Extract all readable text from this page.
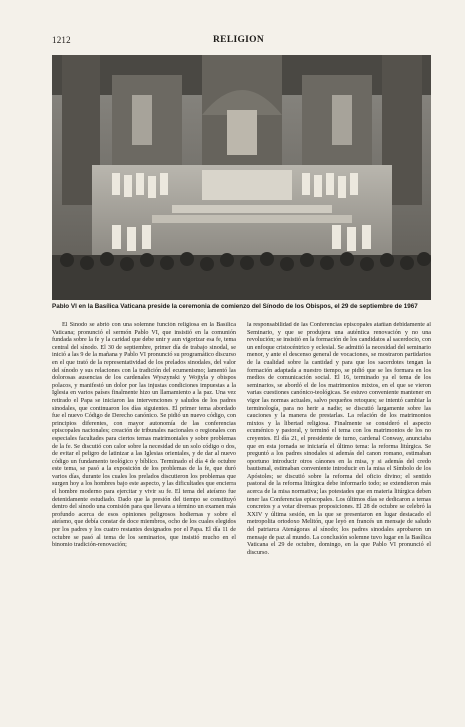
1212	RELIGION
Pablo VI en la Basílica Vaticana preside la ceremonia de comienzo del Sínodo de los Obispos, el 29 de septiembre de 1967

El Sínodo se abrió con una solemne función religiosa en la Basílica Vaticana; pronunció el sermón Pablo VI, que insistió en la comunión fundada sobre la fe y la caridad que debe unir y aun vigorizar esa fe, tema central del sínodo. El 30 de septiembre, primer día de trabajo sinodal, se inició a las 9 de la mañana y Pablo VI pronunció su programático discurso en el que trató de la representatividad de los prelados sinodales, del valor del sínodo y sus relaciones con la tradición del ecumenismo; lamentó las dolorosas ausencias de los cardenales Wyszynski y Wojtyla y obispos polacos, y manifestó un dolor por las injustas condiciones impuestas a la Iglesia en varios países finalmente hizo un llamamiento a la paz. Una vez retirado el Papa se iniciaron las intervenciones y saludos de los padres sinodales, que continuaron los días siguientes. El primer tema abordado fue el nuevo Código de Derecho canónico. Se pidió un nuevo código, con principios diferentes, con mayor autonomía de las conferencias episcopales nacionales; creación de tribunales nacionales o regionales con especiales facultades para ciertos temas matrimoniales y sobre problemas de la fe. Se discutió con calor sobre la necesidad de un solo código o dos, de evitar el peligro de latinizar a las Iglesias orientales, y de dar al nuevo código un fundamento teológico y bíblico. Terminado el día 4 de octubre este tema, se pasó a la exposición de los problemas de la fe, que duró varios días, durante los cuales los prelados discutieron los problemas que surgen hoy a los hombres bajo este aspecto, y las dificultades que encierra el hombre moderno para ejercitar y vivir su fe. El tema del ateísmo fue detenidamente estudiado. Dado que la presión del tiempo se constituyó dentro del sínodo una comisión para que llevara a término un examen más profundo acerca de esos opiniones peligrosos hodiernas y sobre el ateísmo, que debía constar de doce miembros, ocho de los cuales elegidos por los padres y los cuatro restantes designados por el Papa. El día 11 de octubre se pasó al tema de los seminarios, que insistió mucho en el binomio tradición-renovación;

la responsabilidad de las Conferencias episcopales atañían debidamente al Seminario, y que se produjera una auténtica renovación y no una revolución; se insistió en la formación de los candidatos al sacerdocio, con un enfoque cristocéntrico y eclesial. Se admitió la necesidad del seminario menor, y ante el descenso general de vocaciones, se mostraron partidarios de la cualidad sobre la cantidad y para que los sacerdotes tengan la formación adaptada a nuestro tiempo, se pidió que se les formara en los medios de comunicación social. El 16, terminado ya el tema de los seminarios, se abordó el de los matrimonios mixtos, en el que se vieron varias cuestiones canónico-teológicas. Se estuvo conveniente mantener en vigor las normas actuales, salvo pequeños retoques; se intentó cambiar la terminología, para no herir a nadie; se discutió largamente sobre las cauciones y la manera de prestarlas. La relación de los matrimonios mixtos y la libertad religiosa. Finalmente se consideró el aspecto ecuménico y pastoral, y terminó el tema con los matrimonios de los no creyentes. El día 21, el presidente de turno, cardenal Conway, anunciaba que en esta jornada se iniciaría el último tema: la reforma litúrgica. Se preguntó a los padres sinodales si además del canon romano, estimaban oportuno introducir otros cánones en la misa, y si además del credo bautismal, estimaban conveniente introducir en la misa el Símbolo de los Apóstoles; se discutió sobre la reforma del oficio divino; el sentido pastoral de la reforma litúrgica debe informarlo todo; se extendieron más acerca de la misa normativa; las potestades que en materia litúrgica deben tener las Conferencias episcopales. Los últimos días se dedicaron a temas concretos y a votar diversas proposiciones. El 28 de octubre se celebró la XXIV y última sesión, en la que se presentaron en lugar destacado el metropolita ortodoxo Melitón, que leyó en francés un mensaje de saludo del patriarca Atenágoras al sínodo; los padres sinodales aprobaron un mensaje de paz al mundo. La conclusión solemne tuvo lugar en la Basílica Vaticana el 29 de octubre, domingo, en la que Pablo VI pronunció el discurso.
